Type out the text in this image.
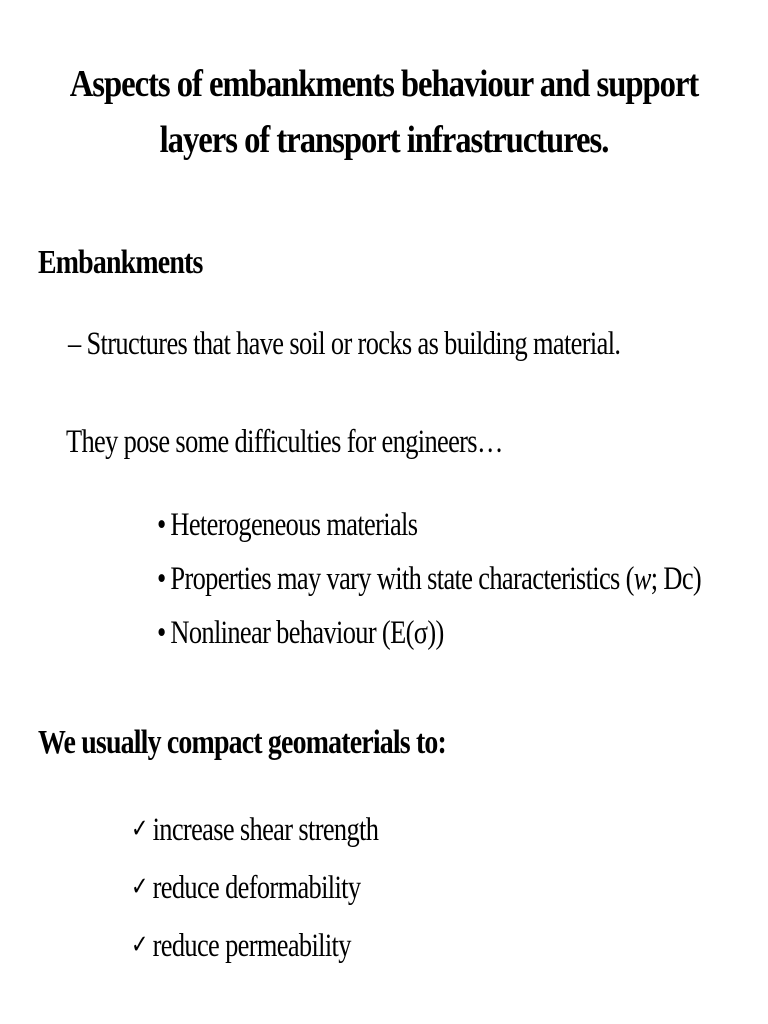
Aspects of embankments behaviour and support
layers of transport infrastructures.
Embankments
– Structures that have soil or rocks as building material.
They pose some difficulties for engineers…
• Heterogeneous materials
• Properties may vary with state characteristics (w; Dc)
• Nonlinear behaviour (E(σ))
We usually compact geomaterials to:
✓ increase shear strength
✓ reduce deformability
✓ reduce permeability
